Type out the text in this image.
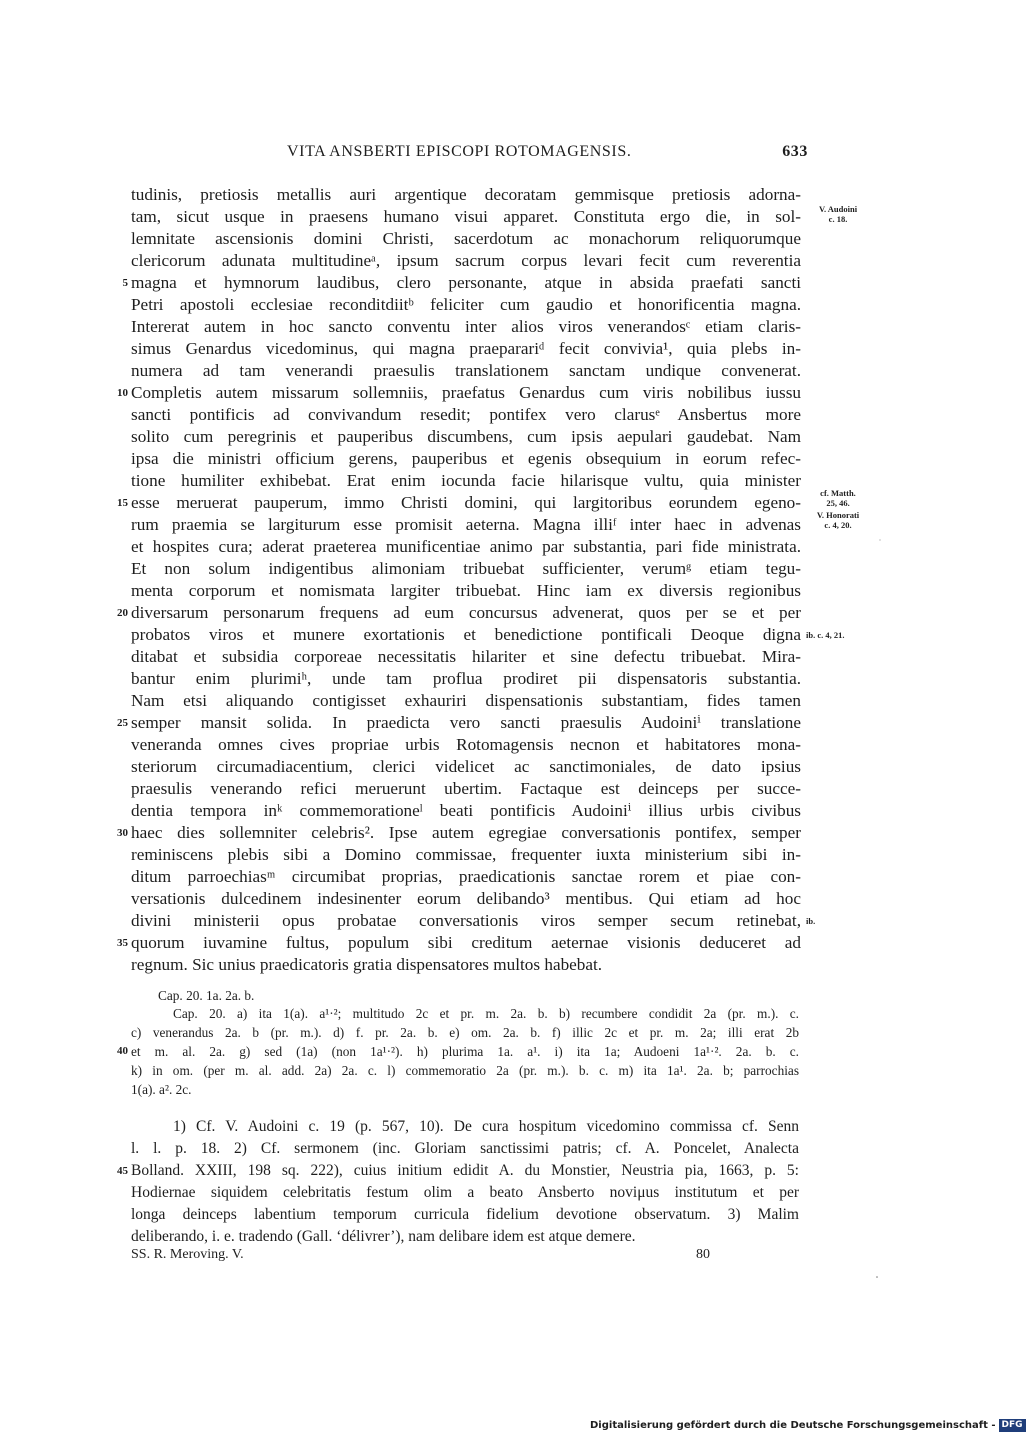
VITA ANSBERTI EPISCOPI ROTOMAGENSIS.	633
tudinis, pretiosis metallis auri argentique decoratam gemmisque pretiosis adorna-
tam, sicut usque in praesens humano visui apparet. Constituta ergo die, in sol-
lemnitate ascensionis domini Christi, sacerdotum ac monachorum reliquorumque
clericorum adunata multitudineᵃ, ipsum sacrum corpus levari fecit cum reverentia
magna et hymnorum laudibus, clero personante, atque in absida praefati sancti
Petri apostoli ecclesiae reconditdiitᵇ feliciter cum gaudio et honorificentia magna.
Intererat autem in hoc sancto conventu inter alios viros venerandosᶜ etiam claris-
simus Genardus vicedominus, qui magna praeparariᵈ fecit convivia¹, quia plebs in-
numera ad tam venerandi praesulis translationem sanctam undique convenerat.
Completis autem missarum sollemniis, praefatus Genardus cum viris nobilibus iussu
sancti pontificis ad convivandum resedit; pontifex vero clarusᵉ Ansbertus more
solito cum peregrinis et pauperibus discumbens, cum ipsis aepulari gaudebat. Nam
ipsa die ministri officium gerens, pauperibus et egenis obsequium in eorum refec-
tione humiliter exhibebat. Erat enim iocunda facie hilarisque vultu, quia minister
esse meruerat pauperum, immo Christi domini, qui largitoribus eorundem egeno-
rum praemia se largiturum esse promisit aeterna. Magna illiᶠ inter haec in advenas
et hospites cura; aderat praeterea munificentiae animo par substantia, pari fide ministrata.
Et non solum indigentibus alimoniam tribuebat sufficienter, verumᵍ etiam tegu-
menta corporum et nomismata largiter tribuebat. Hinc iam ex diversis regionibus
diversarum personarum frequens ad eum concursus advenerat, quos per se et per
probatos viros et munere exortationis et benedictione pontificali Deoque digna
ditabat et subsidia corporeae necessitatis hilariter et sine defectu tribuebat. Mira-
bantur enim plurimiʰ, unde tam proflua prodiret pii dispensatoris substantia.
Nam etsi aliquando contigisset exhauriri dispensationis substantiam, fides tamen
semper mansit solida. In praedicta vero sancti praesulis Audoiniⁱ translatione
veneranda omnes cives propriae urbis Rotomagensis necnon et habitatores mona-
steriorum circumadiacentium, clerici videlicet ac sanctimoniales, de dato ipsius
praesulis venerando refici meruerunt ubertim. Factaque est deinceps per succe-
dentia tempora inᵏ commemorationeˡ beati pontificis Audoiniⁱ illius urbis civibus
haec dies sollemniter celebris². Ipse autem egregiae conversationis pontifex, semper
reminiscens plebis sibi a Domino commissae, frequenter iuxta ministerium sibi in-
ditum parroechiasᵐ circumibat proprias, praedicationis sanctae rorem et piae con-
versationis dulcedinem indesinenter eorum delibando³ mentibus. Qui etiam ad hoc
divini ministerii opus probatae conversationis viros semper secum retinebat,
quorum iuvamine fultus, populum sibi creditum aeternae visionis deduceret ad
regnum. Sic unius praedicatoris gratia dispensatores multos habebat.
5
10
15
20
25
30
35
40
45
V. Audoini
c. 18.
cf. Matth.
25, 46.
V. Honorati
c. 4, 20.
ib. c. 4, 21.
ib.
Cap. 20. 1a. 2a. b.
Cap. 20. a) ita 1(a). a¹·²; multitudo 2c et pr. m. 2a. b. b) recumbere condidit 2a (pr. m.). c.
c) venerandus 2a. b (pr. m.). d) f. pr. 2a. b. e) om. 2a. b. f) illic 2c et pr. m. 2a; illi erat 2b
et m. al. 2a. g) sed (1a) (non 1a¹·²). h) plurima 1a. a¹. i) ita 1a; Audoeni 1a¹·². 2a. b. c.
k) in om. (per m. al. add. 2a) 2a. c. l) commemoratio 2a (pr. m.). b. c. m) ita 1a¹. 2a. b; parrochias
1(a). a². 2c.
1) Cf. V. Audoini c. 19 (p. 567, 10). De cura hospitum vicedomino commissa cf. Senn
l. l. p. 18. 2) Cf. sermonem (inc. Gloriam sanctissimi patris; cf. A. Poncelet, Analecta
Bolland. XXIII, 198 sq. 222), cuius initium edidit A. du Monstier, Neustria pia, 1663, p. 5:
Hodiernae siquidem celebritatis festum olim a beato Ansberto noviμus institutum et per
longa deinceps labentium temporum curricula fidelium devotione observatum. 3) Malim
deliberando, i. e. tradendo (Gall. ‘délivrer’), nam delibare idem est atque demere.
SS. R. Meroving. V.	80
Digitalisierung gefördert durch die Deutsche Forschungsgemeinschaft - DFG
